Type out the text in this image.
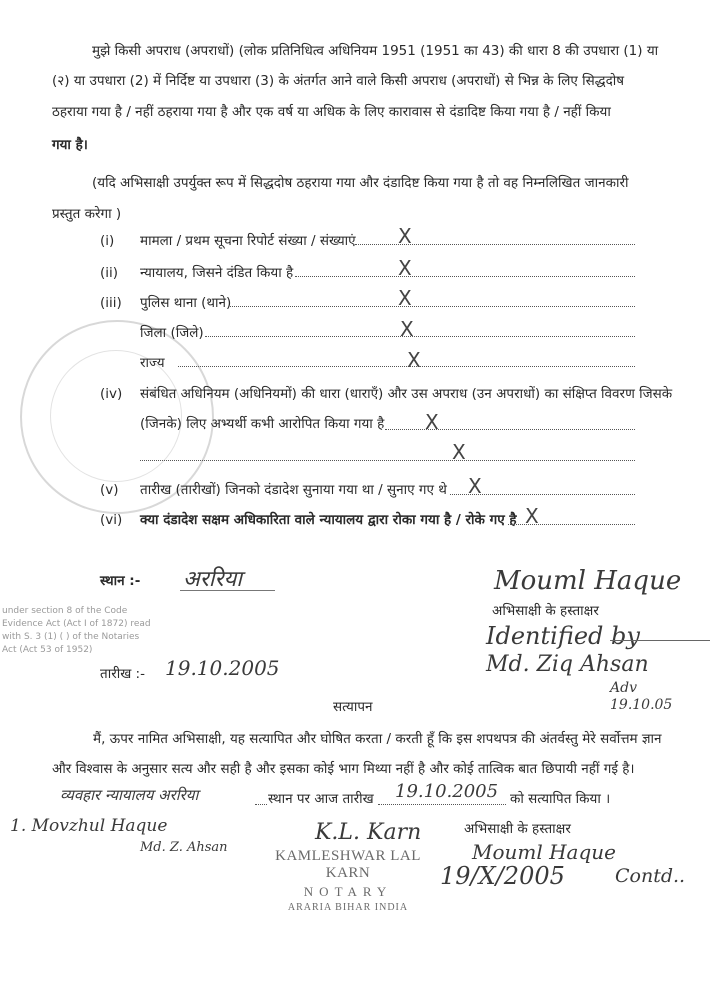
मुझे किसी अपराध (अपराधों) (लोक प्रतिनिधित्व अधिनियम 1951 (1951 का 43) की धारा 8 की उपधारा (1) या
(२) या उपधारा (2) में निर्दिष्ट या उपधारा (3) के अंतर्गत आने वाले किसी अपराध (अपराधों) से भिन्न के लिए सिद्धदोष
ठहराया गया है / नहीं ठहराया गया है और एक वर्ष या अधिक के लिए कारावास से दंडादिष्ट किया गया है / नहीं किया
गया है।
(यदि अभिसाक्षी उपर्युक्त रूप में सिद्धदोष ठहराया गया और दंडादिष्ट किया गया है तो वह निम्नलिखित जानकारी
प्रस्तुत करेगा )
(i) मामला / प्रथम सूचना रिपोर्ट संख्या / संख्याएं X
(ii) न्यायालय, जिसने दंडित किया है	X
(iii) पुलिस थाना (थाने)	X
जिला (जिले)	X
राज्य	X
(iv) संबंधित अधिनियम (अधिनियमों) की धारा (धाराएँ) और उस अपराध (उन अपराधों) का संक्षिप्त विवरण जिसके
(जिनके) लिए अभ्यर्थी कभी आरोपित किया गया है X
X
(v) तारीख (तारीखों) जिनको दंडादेश सुनाया गया था / सुनाए गए थे X
(vi) क्या दंडादेश सक्षम अधिकारिता वाले न्यायालय द्वारा रोका गया है / रोके गए है X
स्थान :- अररिया	Mouml Haque
अभिसाक्षी के हस्ताक्षर
under section 8 of the Code
Evidence Act (Act I of 1872) read
with S. 3 (1) ( ) of the Notaries
Act (Act 53 of 1952)	Identified by
Md. Ziq Ahsan
Adv
19.10.05
तारीख :- 19.10.2005
सत्यापन
मैं, ऊपर नामित अभिसाक्षी, यह सत्यापित और घोषित करता / करती हूँ कि इस शपथपत्र की अंतर्वस्तु मेरे सर्वोत्तम ज्ञान
और विश्वास के अनुसार सत्य और सही है और इसका कोई भाग मिथ्या नहीं है और कोई तात्विक बात छिपायी नहीं गई है।
व्यवहार न्यायालय अररिया	स्थान पर आज तारीख 19.10.2005 को सत्यापित किया ।
1. Movzhul Haque
Md. Z. Ahsan
K.L. Karn	अभिसाक्षी के हस्ताक्षर
KAMLESHWAR LAL KARN
NOTARY
ARARIA BIHAR INDIA
Mouml Haque
19/X/2005	Contd..
